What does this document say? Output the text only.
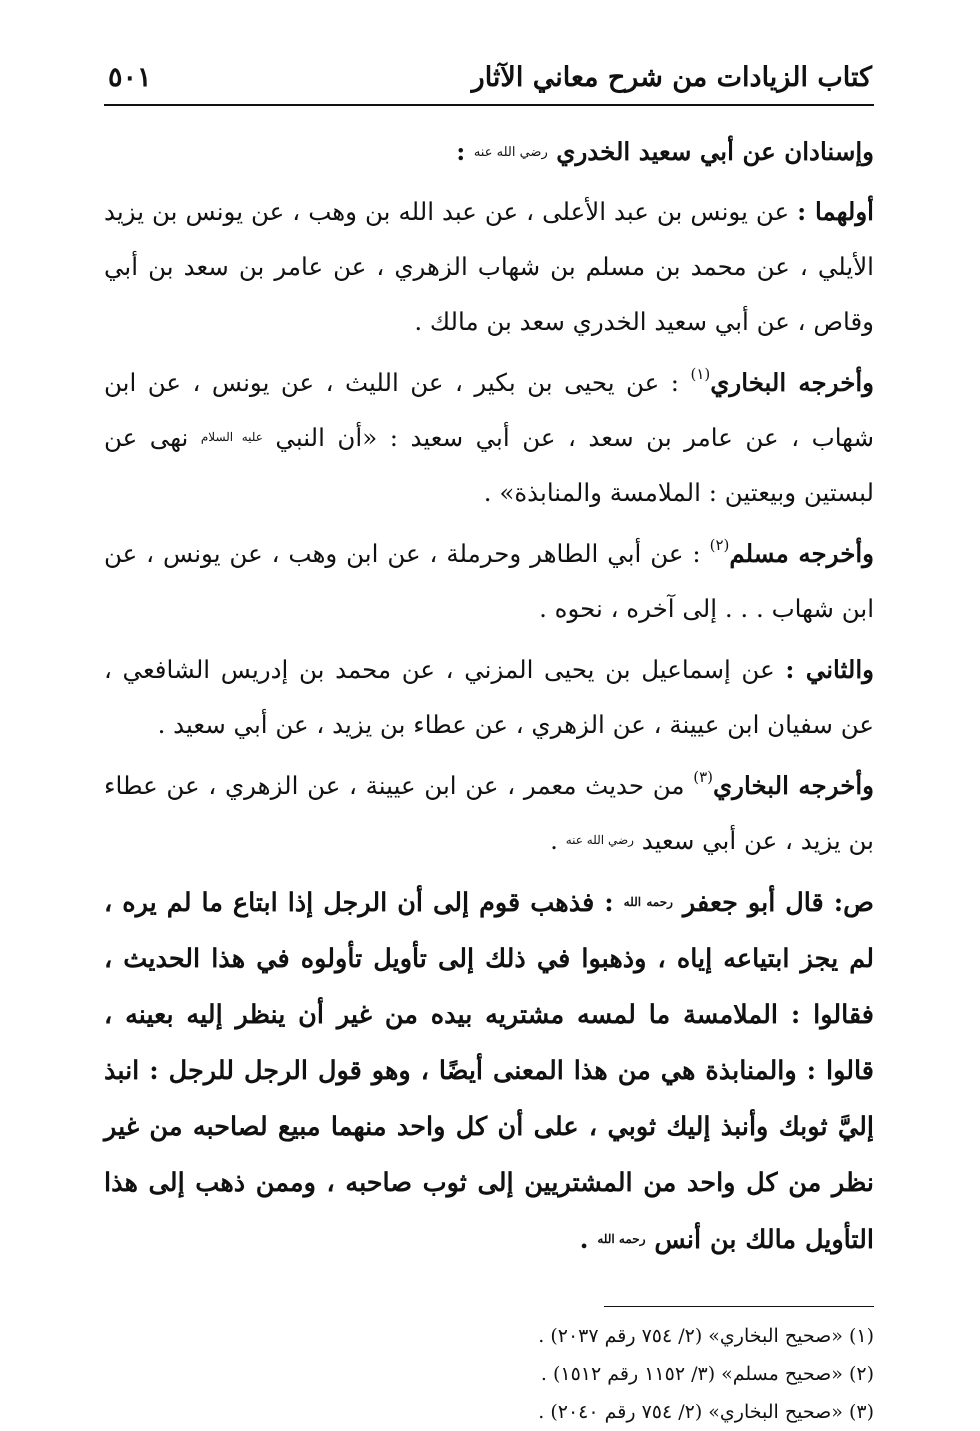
كتاب الزيادات من شرح معاني الآثار
٥٠١

وإسنادان عن أبي سعيد الخدري رضي الله عنه :

أولهما : عن يونس بن عبد الأعلى ، عن عبد الله بن وهب ، عن يونس بن يزيد الأيلي ، عن محمد بن مسلم بن شهاب الزهري ، عن عامر بن سعد بن أبي وقاص ، عن أبي سعيد الخدري سعد بن مالك .

وأخرجه البخاري$^{(١)}$ : عن يحيى بن بكير ، عن الليث ، عن يونس ، عن ابن شهاب ، عن عامر بن سعد ، عن أبي سعيد : «أن النبي $^{عليه السلام}$ نهى عن لبستين وبيعتين : الملامسة والمنابذة» .

وأخرجه مسلم$^{(٢)}$ : عن أبي الطاهر وحرملة ، عن ابن وهب ، عن يونس ، عن ابن شهاب . . . إلى آخره ، نحوه .

والثاني : عن إسماعيل بن يحيى المزني ، عن محمد بن إدريس الشافعي ، عن سفيان ابن عيينة ، عن الزهري ، عن عطاء بن يزيد ، عن أبي سعيد .

وأخرجه البخاري$^{(٣)}$ من حديث معمر ، عن ابن عيينة ، عن الزهري ، عن عطاء بن يزيد ، عن أبي سعيد $^{رضي الله عنه}$ .

ص: قال أبو جعفر رحمه الله : فذهب قوم إلى أن الرجل إذا ابتاع ما لم يره ، لم يجز ابتياعه إياه ، وذهبوا في ذلك إلى تأويل تأولوه في هذا الحديث ، فقالوا : الملامسة ما لمسه مشتريه بيده من غير أن ينظر إليه بعينه ، قالوا : والمنابذة هي من هذا المعنى أيضًا ، وهو قول الرجل للرجل : انبذ إليَّ ثوبك وأنبذ إليك ثوبي ، على أن كل واحد منهما مبيع لصاحبه من غير نظر من كل واحد من المشتريين إلى ثوب صاحبه ، وممن ذهب إلى هذا التأويل مالك بن أنس رحمه الله .

(١) «صحيح البخاري» (٢/ ٧٥٤ رقم ٢٠٣٧) .

(٢) «صحيح مسلم» (٣/ ١١٥٢ رقم ١٥١٢) .

(٣) «صحيح البخاري» (٢/ ٧٥٤ رقم ٢٠٤٠) .
